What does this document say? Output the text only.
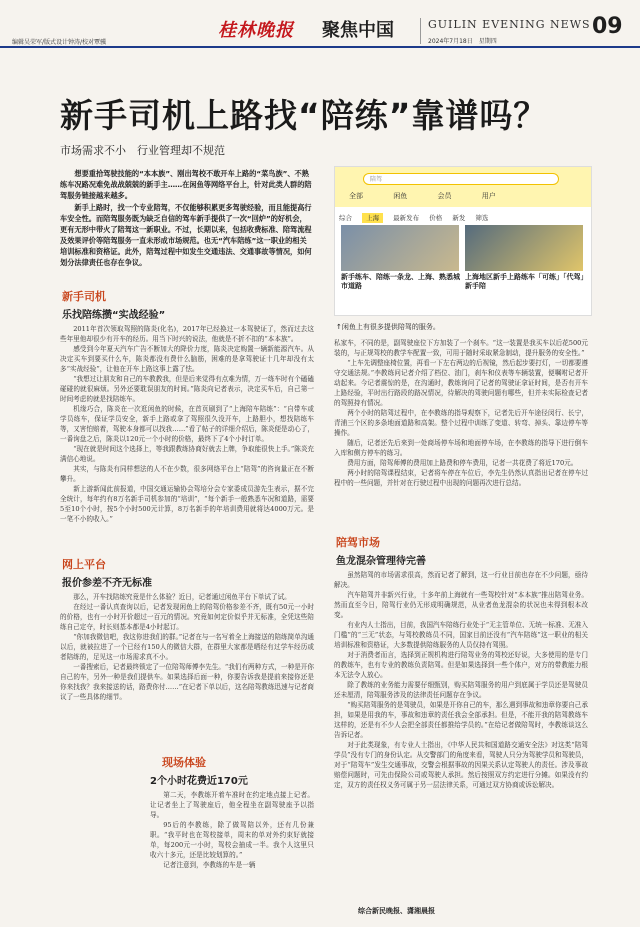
编辑吴荣军/版式设计钟涛/校对覃骥
桂林晚报 聚焦中国	GUILIN EVENING NEWS
2024年7月18日　星期四
09
新手司机上路找“陪练”靠谱吗？
市场需求不小　行业管理却不规范

想要重拾驾驶技能的“本本族”、刚出驾校不敢开车上路的“菜鸟族”、不熟练车况路况难免战战兢兢的新手主……在闲鱼等网络平台上，针对此类人群的陪驾服务链接越来越多。

新手上路时，找一个专业陪驾，不仅能够积累更多驾驶经验，而且能提高行车安全性。而陪驾服务既为缺乏自信的驾车新手提供了一次“回炉”的好机会，更有无形中带火了陪驾这一新职业。不过，长期以来，包括收费标准、陪驾流程及效果评价等陪驾服务一直未形成市场规范。也无“汽车陪练”这一职业的相关培训标准和资格证。此外，陪驾过程中如发生交通违法、交通事故等情况，如何划分法律责任也存在争议。

陪驾
全部	闲鱼	会员	用户
综合 上海 最新发布 价格 新发 筛选
新手练车、陪练一条龙、上海、熟悉城市道路
上海地区新手上路练车「可练」「代驾」新手陪
↑闲鱼上有很多提供陪驾的服务。
新手司机
乐找陪练攒“实战经验”

2011年首次领取驾照的陈炎(化名)，2017年已经换过一本驾驶证了，然而过去这些年里他却很少有开车的经历。用当下时兴的说法，他就是不折不扣的“本本族”。

感受到今年夏天汽车广告不断加大的降价力度，陈炎决定购置一辆新能源汽车。从决定买车到要买什么车，陈炎都没有费什么脑筋，困难的是拿驾驶证十几年却没有太多“实战经验”，让他在开车上路这事上露了怯。

“我想过让朋友和自己的车教教我，但是后来觉得有点难为情，万一练车时有个磕磕碰碰的就很麻烦。另外还要耽误朋友的时间。”陈炎向记者表示，决定买车后，自己第一时间考虑的就是找陪练车。

机缘巧合，陈炎在一次逛闲鱼的时候，在首页刷到了“上海陪车陪练”：“自带车或学员练车，保证学员安全，新手上路或拿了驾照很久没开车，上路胆小，想找陪练车等，又害怕赔着，驾驶本身都可以找我……”看了帖子的详细介绍后，陈炎便是动心了，一番询盘之后，陈炎以120元一个小时的价格，最终下了4个小时订单。

“现在就是时间这个选择上，等我跟教练协商好就去上牌，争取能很快上手。”陈炎充满信心地说。

其实，与陈炎有同样想法的人不在少数，很多网络平台上“陪驾”的咨询量正在不断攀升。

新上游新闻此前报道，中国交通运输协会驾培分会专家委成员游先生表示，据不完全统计，每年约有8万名新手司机参加的“培训”，“每个新手一般熟悉车况和道路，需要5至10个小时，按5个小时500元计算，8万名新手的年培训费用就将达4000万元。是一笔不小的收入。”

网上平台
报价参差不齐无标准

那么，开车找陪练究竟是什么体验？近日，记者通过闲鱼平台下单试了试。

在经过一番认真查询以后，记者发现闲鱼上的陪驾价格参差不齐，既有50元一小时的价格，也有一小时开价超过一百元的情况。究竟如何定价似乎并无标准，全凭这些陪练自己定夺，时长则基本都是4小时起订。

“你加我微信吧，我这你进我们的群。”记者在与一名写着全上海接送的陪练简单沟通以后，就被拉进了一个已经有150人的微信大群，在群里大家都是晒经有过学车经历或者陪练的，足见这一市场需求真不小。

一番搜索后，记者最终锁定了一位陪驾师傅李先生。“我们有两种方式，一种是开你自己的车，另外一种是我们提供车。如果选择后面一种，你要告诉我是提前来接你还是你来找我？我来接送的话，路费你付……”在记者下单以后，这名陪驾教练迅速与记者商议了一些具体的细节。

现场体验
2个小时花费近170元

第二天，李教练开着车准时在约定地点接上记者。让记者坐上了驾驶座后，他全程坐在副驾驶座予以指导。

95后的李教练，除了做驾陪以外，还有几份兼职。“我平时也在驾校接单，周末的单对外约束好就接单，每200元一小时，驾校会抽成一半。我个人这里只收六十多元，还是比较划算的。”

记者注意到，李教练的车是一辆

私家车，不同的是，副驾驶座位下方加装了一个刹车。“这一装置是我买车以后花500元装的，与正规驾校的教学车配置一致，可用于随时采取紧急制动，提升服务的安全性。”

“上车先调整座椅位置，再看一下左右两边的后视镜，然后起步要打灯，一切都要遵守交通法规。”李教练问记者介绍了档位、油门，刹车和仪表等车辆装置，便嘱咐记者开动起来。今记者震惊的是，在沟通时，教练询问了记者的驾驶证拿证时间，是否有开车上路经验，平时出行路段的路况情况，待解决的驾驶问题有哪些，但并未实际检查记者的驾照持有情况。

两个小时的陪驾过程中，在李教练的指导观察下，记者先后开车途径闵行、长宁，青浦三个区的多条地面道路和高架。整个过程中训练了变道、转弯、掉头、靠边停车等操作。

随后，记者还先后来到一处商场停车场和地面停车场，在李教练的指导下进行倒车入库和侧方停车的练习。

费用方面，陪驾师傅的费用加上路费和停车费用，记者一共花费了将近170元。

两小时的陪驾课程结束，记者将车停在车位后，李先生仍然认真指出记者在停车过程中的一些问题，并针对在行驶过程中出现的问题再次进行总结。

陪驾市场
鱼龙混杂管理待完善

虽然陪驾的市场需求很高，然而记者了解到，这一行业目前也存在不少问题，亟待解决。

汽车陪驾并非新兴行业，十多年前上海就有一些驾校针对“本本族”推出陪驾业务。然而直至今日，陪驾行业仍无形成明确规范，从业者鱼龙混杂的状况也未得到根本改变。

有业内人士指出，目前，我国汽车陪练行业处于“无主管单位、无统一标准、无准入门槛”的“三无”状态，与驾校教练员不同，国家目前还没有“汽车陪练”这一职业的相关培训标准和资格证，大多数提供陪练服务的人员仅持有驾照。

对于消费者而言，选择到正规机构进行陪驾业务的驾校还好说，大多使用的是专门的教练车，也有专业的教练负责陪驾。但是如果选择到一些个体户，对方的带教能力根本无法令人放心。

除了教练的业务能力需要仔细甄别，购买陪驾服务的用户到底属于学员还是驾驶员还未厘清，陪驾服务涉及的法律责任问题存在争议。

“购买陪驾服务的是驾驶员，如果是开你自己的车，那么遇到事故和违章你要自己承担，如果是用我的车，事故和违章的责任我会全部承担。但是，不能开我的陪驾教练车这样的，还是有不少人会把全部责任都推给学员的。”在给记者做陪驾时，李教练谈这么告诉记者。

对于此类现象，有专业人士指出，《中华人民共和国道路交通安全法》对这类“陪驾学员”没有专门的身份认定。从交警部门的角度来看，驾驶人只分为驾驶学员和驾驶员，对于“陪驾车”发生交通事故，交警会根据事故的因果关系认定驾驶人的责任。涉及事故赔偿问题时，可先由保险公司或驾驶人承担。然后按照双方约定进行分摊。如果没有约定，双方的责任权义务可属于另一层法律关系，可通过双方协商或诉讼解决。

综合新民晚报、潇湘晨报
